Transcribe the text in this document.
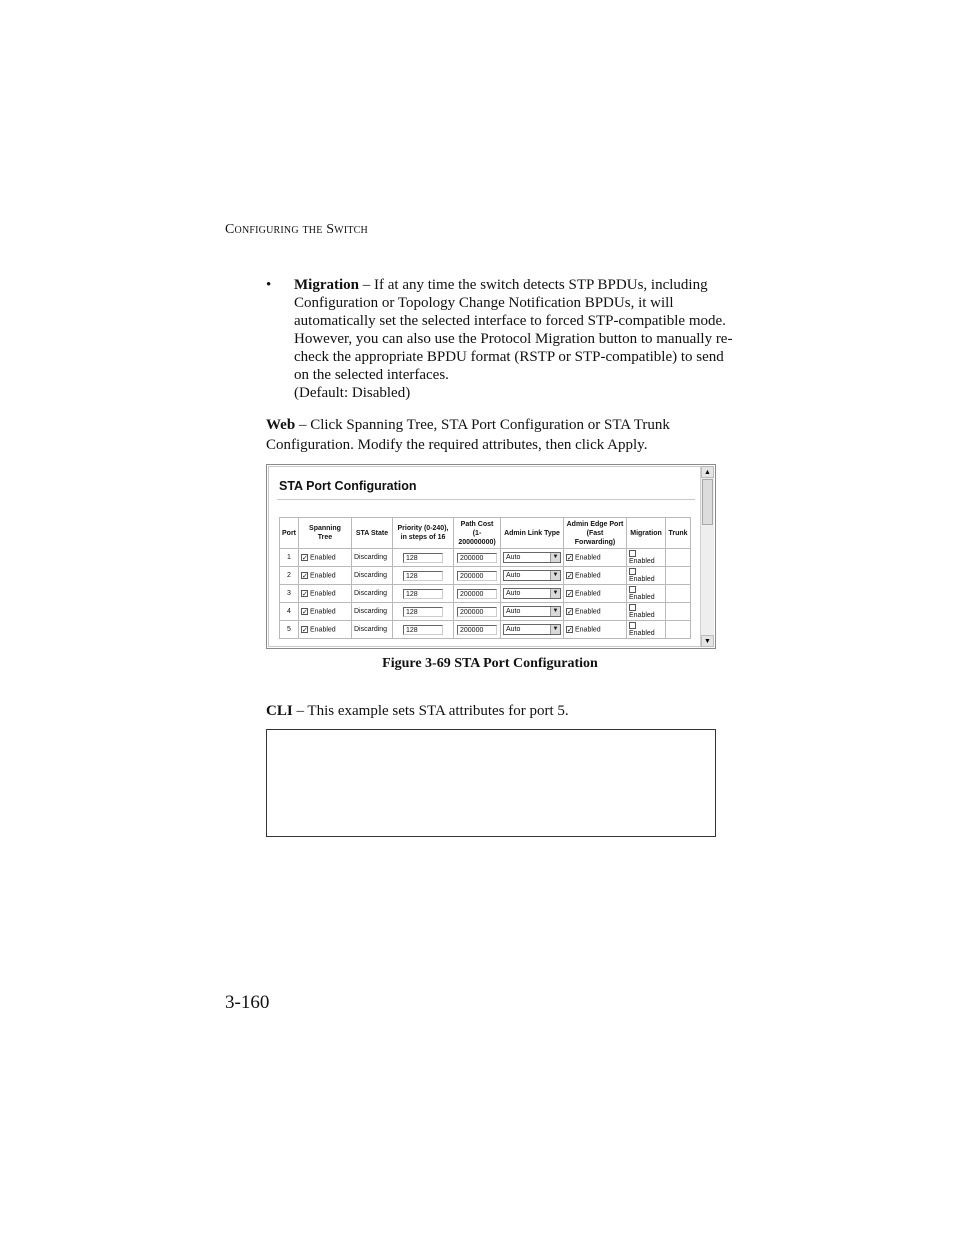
Configuring the Switch
• Migration – If at any time the switch detects STP BPDUs, including Configuration or Topology Change Notification BPDUs, it will automatically set the selected interface to forced STP-compatible mode. However, you can also use the Protocol Migration button to manually re-check the appropriate BPDU format (RSTP or STP-compatible) to send on the selected interfaces.
(Default: Disabled)
Web – Click Spanning Tree, STA Port Configuration or STA Trunk Configuration. Modify the required attributes, then click Apply.
STA Port Configuration
Port	Spanning Tree	STA State	Priority (0-240), in steps of 16	Path Cost (1-200000000)	Admin Link Type	Admin Edge Port (Fast Forwarding)	Migration	Trunk
1	✓ Enabled	Discarding	128	200000	Auto ▼	✓ Enabled	Enabled	
2	✓ Enabled	Discarding	128	200000	Auto ▼	✓ Enabled	Enabled	
3	✓ Enabled	Discarding	128	200000	Auto ▼	✓ Enabled	Enabled	
4	✓ Enabled	Discarding	128	200000	Auto ▼	✓ Enabled	Enabled	
5	✓ Enabled	Discarding	128	200000	Auto ▼	✓ Enabled	Enabled	
▲
▼
Figure 3-69 STA Port Configuration
CLI – This example sets STA attributes for port 5.
3-160
